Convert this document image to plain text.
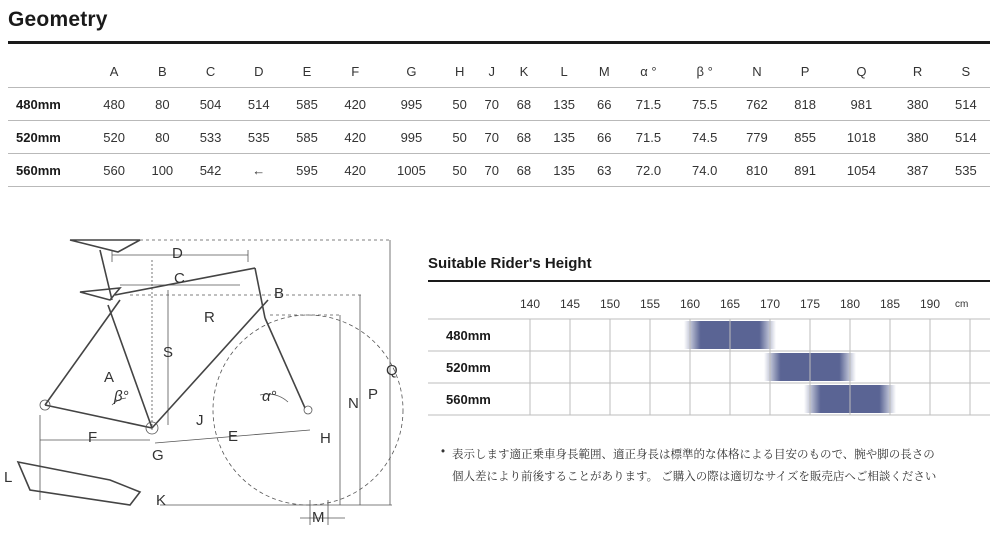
Geometry
	A	B	C	D	E	F	G	H	J	K	L	M	α °	β °	N	P	Q	R	S
480mm	480	80	504	514	585	420	995	50	70	68	135	66	71.5	75.5	762	818	981	380	514
520mm	520	80	533	535	585	420	995	50	70	68	135	66	71.5	74.5	779	855	1018	380	514
560mm	560	100	542	←	595	420	1005	50	70	68	135	63	72.0	74.0	810	891	1054	387	535
D
C
B
R
S
A
β°	α°
J
F	E
G
H
N
P
Q
L
K
M
Suitable Rider's Height
140	145	150	155	160	165	170	175	180	185	190	cm
480mm
520mm
560mm
• 表示します適正乗車身長範囲、適正身長は標準的な体格による目安のもので、腕や脚の長さの
個人差により前後することがあります。 ご購入の際は適切なサイズを販売店へご相談ください
